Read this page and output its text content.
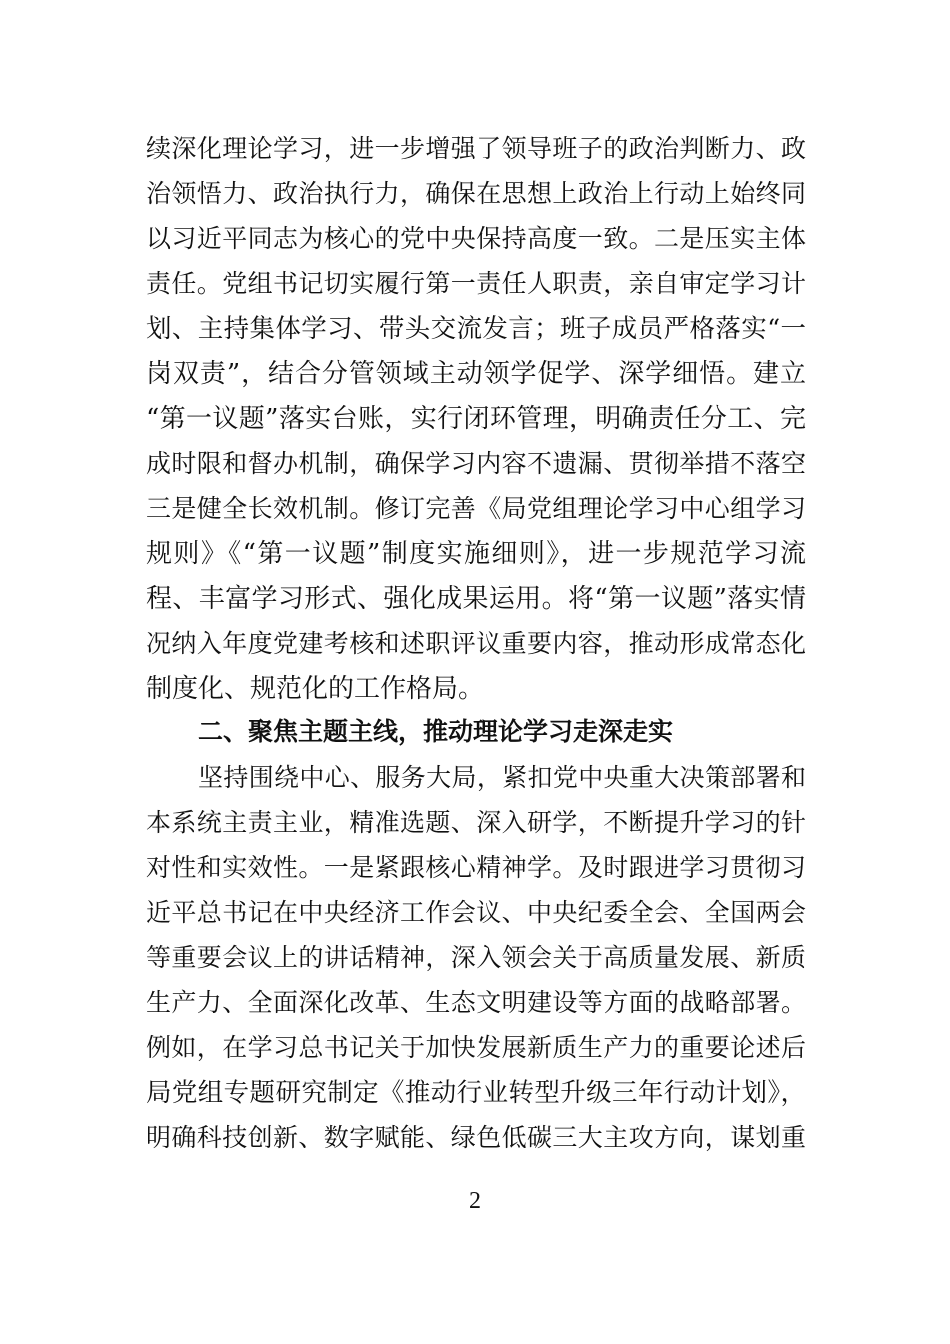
续深化理论学习，进一步增强了领导班子的政治判断力、政
治领悟力、政治执行力，确保在思想上政治上行动上始终同
以习近平同志为核心的党中央保持高度一致。二是压实主体
责任。党组书记切实履行第一责任人职责，亲自审定学习计
划、主持集体学习、带头交流发言；班子成员严格落实“一
岗双责”，结合分管领域主动领学促学、深学细悟。建立
“第一议题”落实台账，实行闭环管理，明确责任分工、完
成时限和督办机制，确保学习内容不遗漏、贯彻举措不落空
三是健全长效机制。修订完善《局党组理论学习中心组学习
规则》《“第一议题”制度实施细则》，进一步规范学习流
程、丰富学习形式、强化成果运用。将“第一议题”落实情
况纳入年度党建考核和述职评议重要内容，推动形成常态化
制度化、规范化的工作格局。
二、聚焦主题主线，推动理论学习走深走实
坚持围绕中心、服务大局，紧扣党中央重大决策部署和
本系统主责主业，精准选题、深入研学，不断提升学习的针
对性和实效性。一是紧跟核心精神学。及时跟进学习贯彻习
近平总书记在中央经济工作会议、中央纪委全会、全国两会
等重要会议上的讲话精神，深入领会关于高质量发展、新质
生产力、全面深化改革、生态文明建设等方面的战略部署。
例如，在学习总书记关于加快发展新质生产力的重要论述后
局党组专题研究制定《推动行业转型升级三年行动计划》，
明确科技创新、数字赋能、绿色低碳三大主攻方向，谋划重
2
